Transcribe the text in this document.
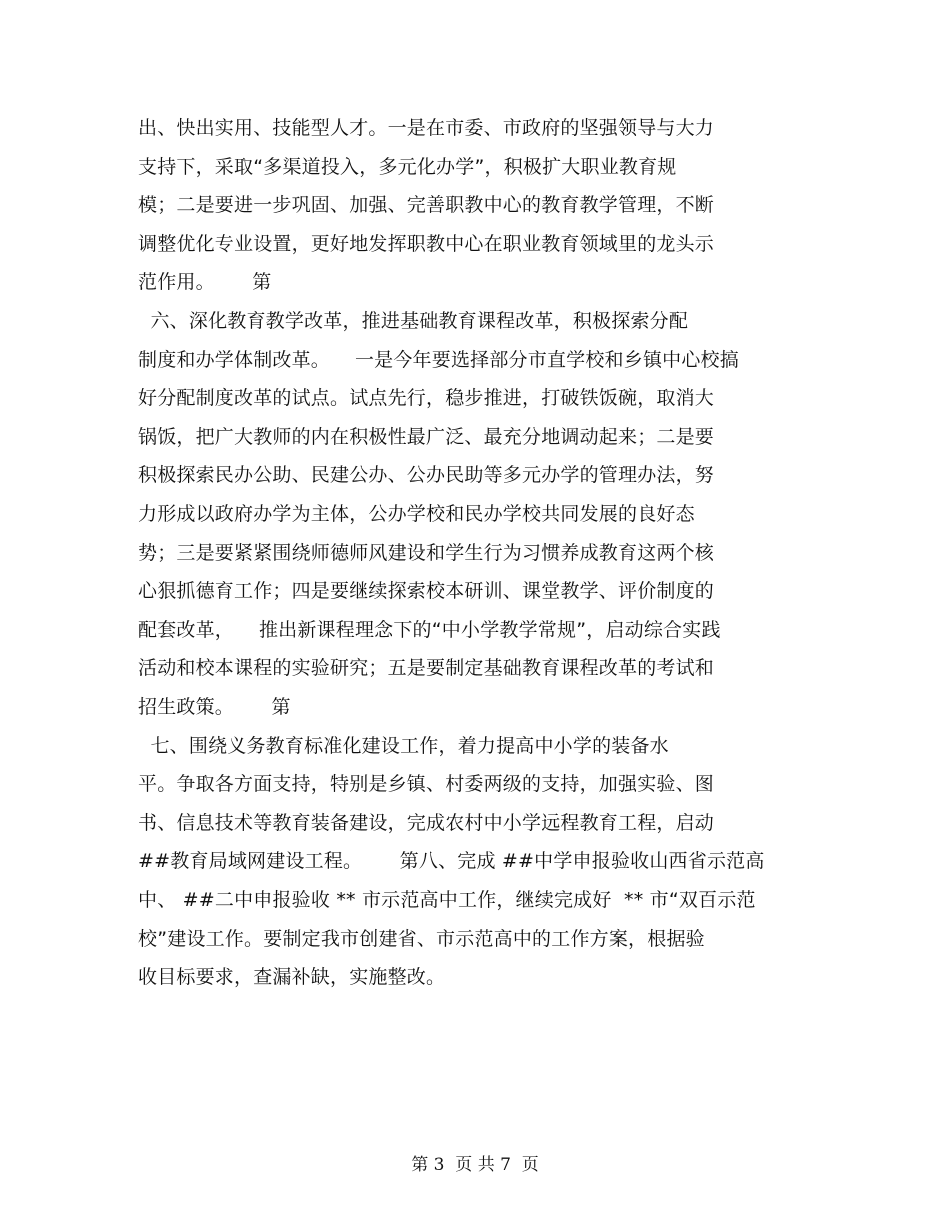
出、快出实用、技能型人才。一是在市委、市政府的坚强领导与大力
支持下，采取“多渠道投入，多元化办学”，积极扩大职业教育规
模；二是要进一步巩固、加强、完善职教中心的教育教学管理，不断
调整优化专业设置，更好地发挥职教中心在职业教育领域里的龙头示
范作用。      第
六、深化教育教学改革，推进基础教育课程改革，积极探索分配
制度和办学体制改革。    一是今年要选择部分市直学校和乡镇中心校搞
好分配制度改革的试点。试点先行，稳步推进，打破铁饭碗，取消大
锅饭，把广大教师的内在积极性最广泛、最充分地调动起来；二是要
积极探索民办公助、民建公办、公办民助等多元办学的管理办法，努
力形成以政府办学为主体，公办学校和民办学校共同发展的良好态
势；三是要紧紧围绕师德师风建设和学生行为习惯养成教育这两个核
心狠抓德育工作；四是要继续探索校本研训、课堂教学、评价制度的
配套改革，    推出新课程理念下的“中小学教学常规”，启动综合实践
活动和校本课程的实验研究；五是要制定基础教育课程改革的考试和
招生政策。      第
七、围绕义务教育标准化建设工作，着力提高中小学的装备水
平。争取各方面支持，特别是乡镇、村委两级的支持，加强实验、图
书、信息技术等教育装备建设，完成农村中小学远程教育工程，启动
##教育局域网建设工程。      第八、完成 ##中学申报验收山西省示范高
中、 ##二中申报验收 ** 市示范高中工作，继续完成好  ** 市“双百示范
校”建设工作。要制定我市创建省、市示范高中的工作方案，根据验
收目标要求，查漏补缺，实施整改。
第 3  页 共 7  页
